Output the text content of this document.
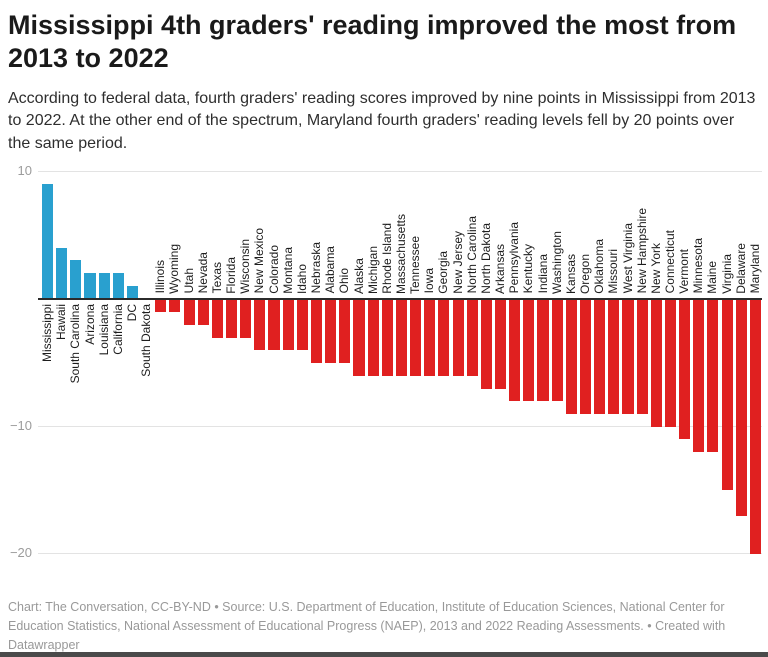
Mississippi 4th graders' reading improved the most from 2013 to 2022

According to federal data, fourth graders' reading scores improved by nine points in Mississippi from 2013 to 2022. At the other end of the spectrum, Maryland fourth graders' reading levels fell by 20 points over the same period.

10
−10
−20
Mississippi Hawaii South Carolina Arizona Louisiana California DC South Dakota
Illinois Wyoming Utah Nevada Texas Florida Wisconsin New Mexico Colorado Montana Idaho Nebraska Alabama Ohio Alaska Michigan Rhode Island Massachusetts Tennessee Iowa Georgia New Jersey North Carolina North Dakota Arkansas Pennsylvania Kentucky Indiana Washington Kansas Oregon Oklahoma Missouri West Virginia New Hampshire New York Connecticut Vermont Minnesota Maine Virginia Delaware Maryland

Chart: The Conversation, CC-BY-ND • Source: U.S. Department of Education, Institute of Education Sciences, National Center for Education Statistics, National Assessment of Educational Progress (NAEP), 2013 and 2022 Reading Assessments. • Created with Datawrapper
